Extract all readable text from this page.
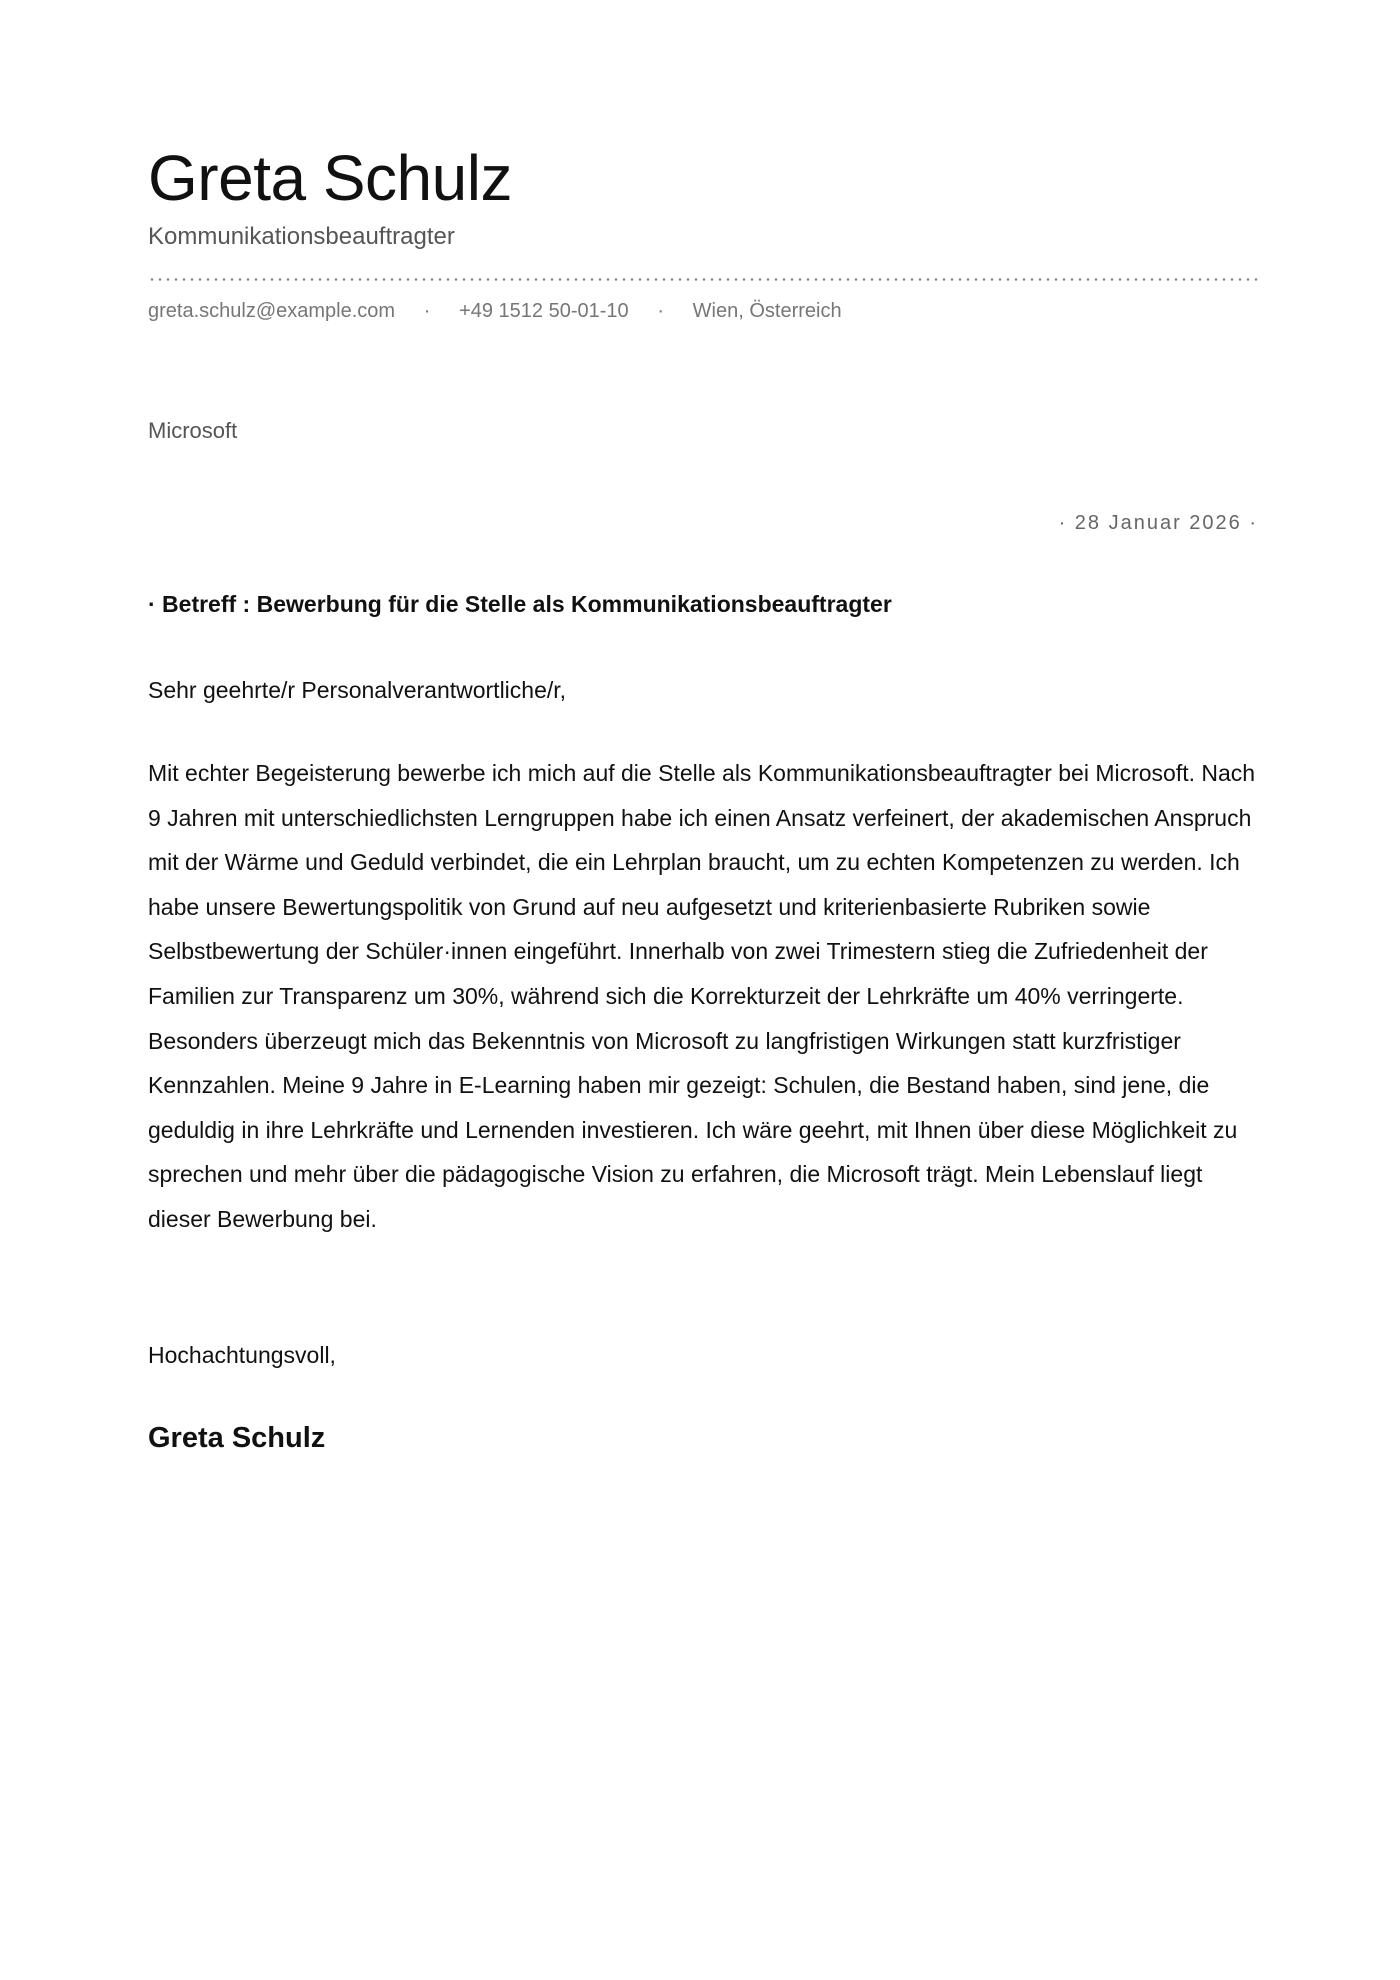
Greta Schulz
Kommunikationsbeauftragter
greta.schulz@example.com	·	+49 1512 50-01-10	·	Wien, Österreich
Microsoft
· 28 Januar 2026 ·
· Betreff : Bewerbung für die Stelle als Kommunikationsbeauftragter
Sehr geehrte/r Personalverantwortliche/r,

Mit echter Begeisterung bewerbe ich mich auf die Stelle als Kommunikationsbeauftragter bei Microsoft. Nach 9 Jahren mit unterschiedlichsten Lerngruppen habe ich einen Ansatz verfeinert, der akademischen Anspruch mit der Wärme und Geduld verbindet, die ein Lehrplan braucht, um zu echten Kompetenzen zu werden. Ich habe unsere Bewertungspolitik von Grund auf neu aufgesetzt und kriterienbasierte Rubriken sowie Selbstbewertung der Schüler·innen eingeführt. Innerhalb von zwei Trimestern stieg die Zufriedenheit der Familien zur Transparenz um 30%, während sich die Korrekturzeit der Lehrkräfte um 40% verringerte. Besonders überzeugt mich das Bekenntnis von Microsoft zu langfristigen Wirkungen statt kurzfristiger Kennzahlen. Meine 9 Jahre in E-Learning haben mir gezeigt: Schulen, die Bestand haben, sind jene, die geduldig in ihre Lehrkräfte und Lernenden investieren. Ich wäre geehrt, mit Ihnen über diese Möglichkeit zu sprechen und mehr über die pädagogische Vision zu erfahren, die Microsoft trägt. Mein Lebenslauf liegt dieser Bewerbung bei.

Hochachtungsvoll,
Greta Schulz
